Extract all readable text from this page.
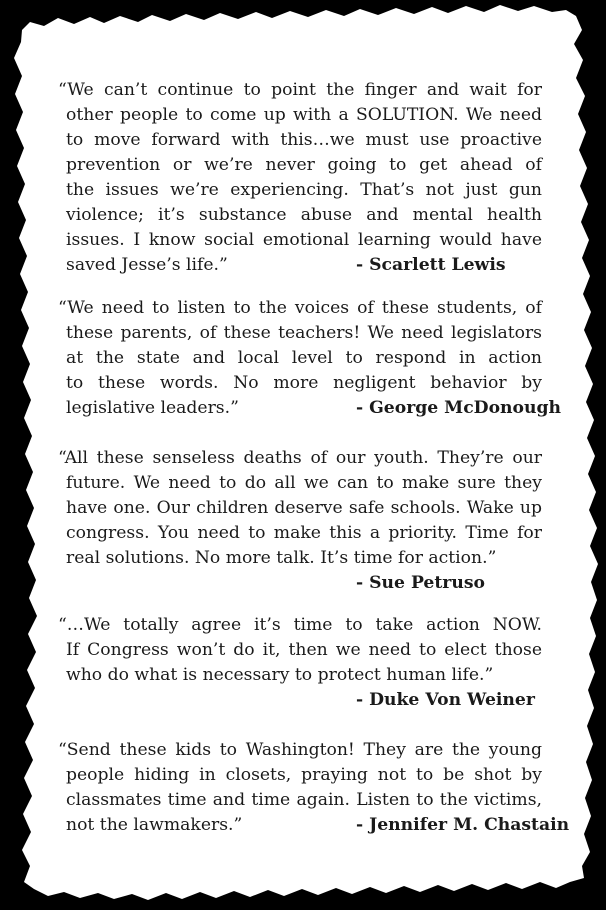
“We can’t continue to point the finger and wait for
other people to come up with a SOLUTION. We need
to move forward with this…we must use proactive
prevention or we’re never going to get ahead of
the issues we’re experiencing. That’s not just gun
violence; it’s substance abuse and mental health
issues. I know social emotional learning would have
saved Jesse’s life.”	- Scarlett Lewis
“We need to listen to the voices of these students, of
these parents, of these teachers! We need legislators
at the state and local level to respond in action
to these words. No more negligent behavior by
legislative leaders.”	- George McDonough
“All these senseless deaths of our youth. They’re our
future. We need to do all we can to make sure they
have one. Our children deserve safe schools. Wake up
congress. You need to make this a priority. Time for
real solutions. No more talk. It’s time for action.”
- Sue Petruso
“…We totally agree it’s time to take action NOW.
If Congress won’t do it, then we need to elect those
who do what is necessary to protect human life.”
- Duke Von Weiner
“Send these kids to Washington! They are the young
people hiding in closets, praying not to be shot by
classmates time and time again. Listen to the victims,
not the lawmakers.”	- Jennifer M. Chastain
